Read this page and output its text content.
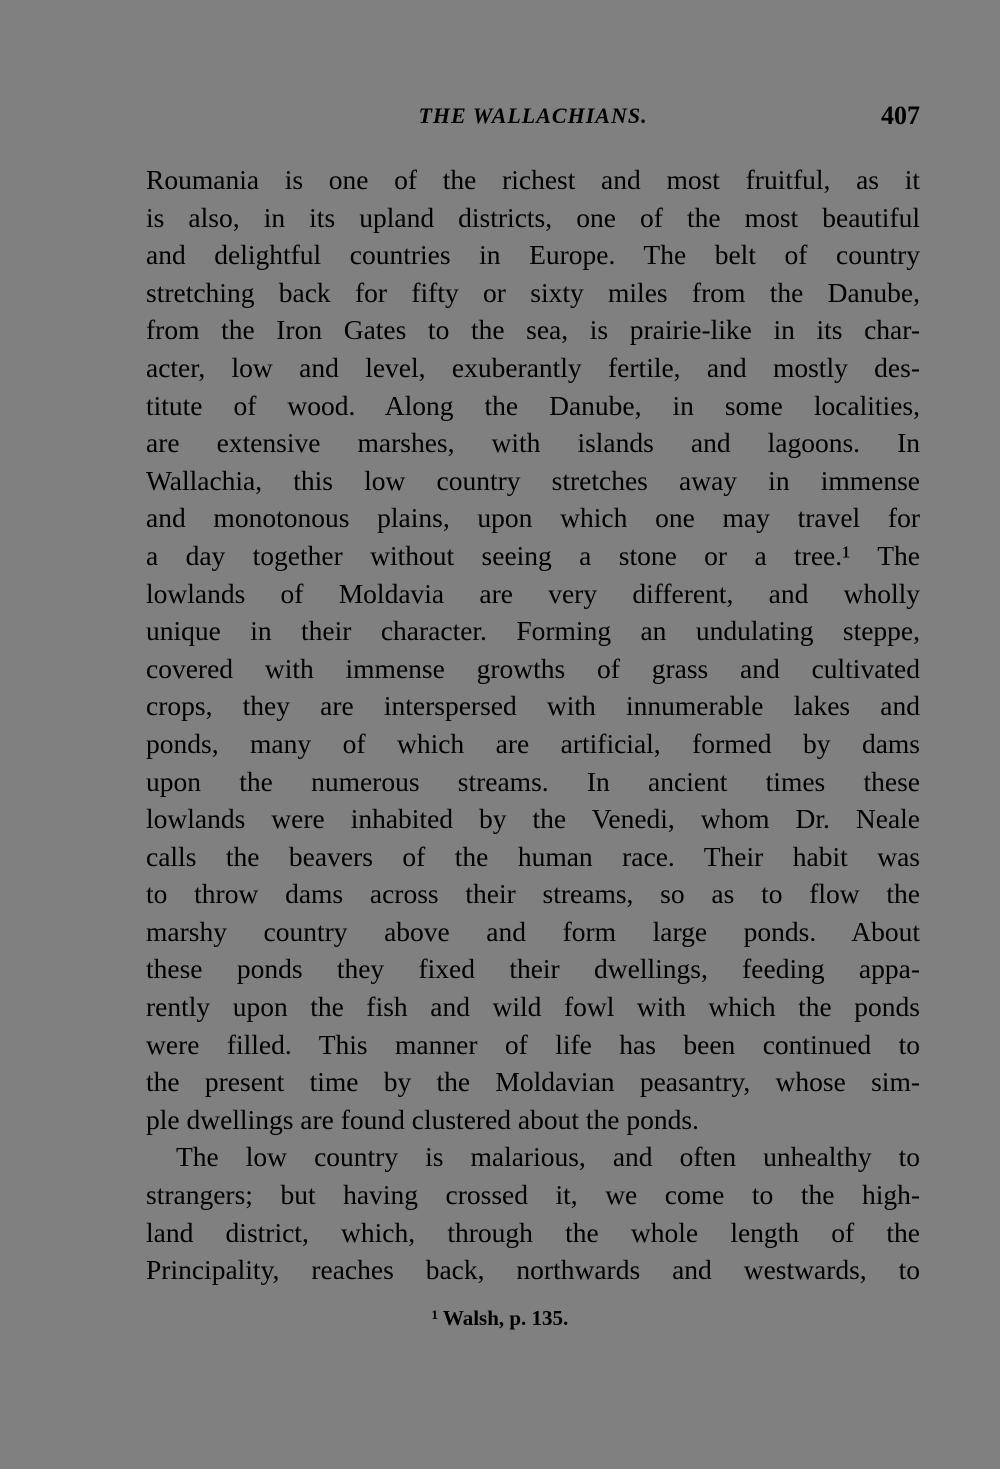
THE WALLACHIANS.	407
Roumania is one of the richest and most fruitful, as it
is also, in its upland districts, one of the most beautiful
and delightful countries in Europe. The belt of country
stretching back for fifty or sixty miles from the Danube,
from the Iron Gates to the sea, is prairie-like in its char-
acter, low and level, exuberantly fertile, and mostly des-
titute of wood. Along the Danube, in some localities,
are extensive marshes, with islands and lagoons. In
Wallachia, this low country stretches away in immense
and monotonous plains, upon which one may travel for
a day together without seeing a stone or a tree.¹ The
lowlands of Moldavia are very different, and wholly
unique in their character. Forming an undulating steppe,
covered with immense growths of grass and cultivated
crops, they are interspersed with innumerable lakes and
ponds, many of which are artificial, formed by dams
upon the numerous streams. In ancient times these
lowlands were inhabited by the Venedi, whom Dr. Neale
calls the beavers of the human race. Their habit was
to throw dams across their streams, so as to flow the
marshy country above and form large ponds. About
these ponds they fixed their dwellings, feeding appa-
rently upon the fish and wild fowl with which the ponds
were filled. This manner of life has been continued to
the present time by the Moldavian peasantry, whose sim-
ple dwellings are found clustered about the ponds.
The low country is malarious, and often unhealthy to
strangers; but having crossed it, we come to the high-
land district, which, through the whole length of the
Principality, reaches back, northwards and westwards, to
¹ Walsh, p. 135.
